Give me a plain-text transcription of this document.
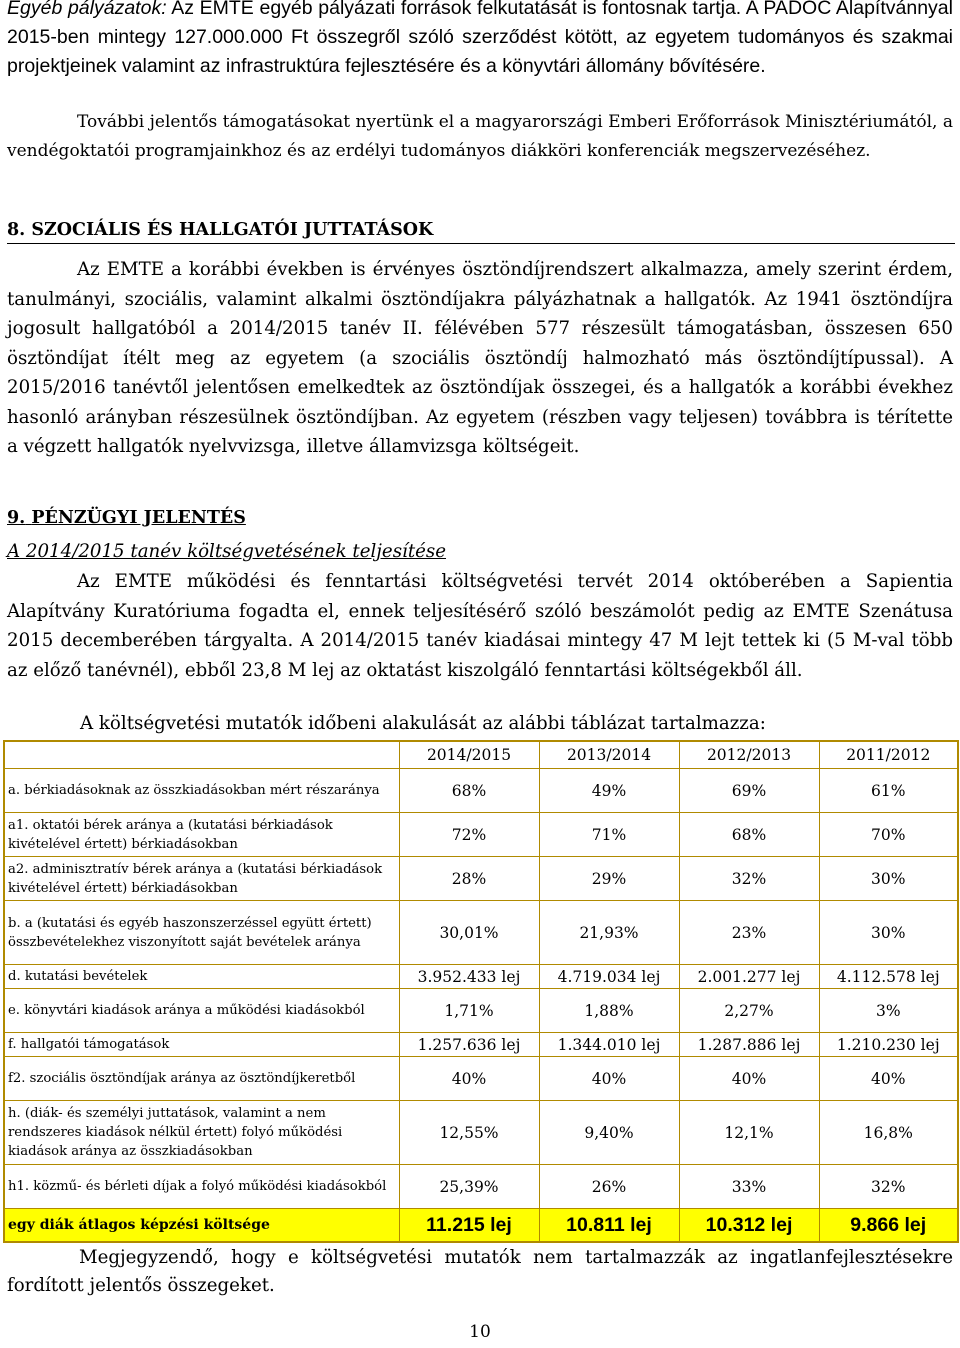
Egyéb pályázatok: Az EMTE egyéb pályázati források felkutatását is fontosnak tartja. A PADOC Alapítvánnyal 2015-ben mintegy 127.000.000 Ft összegről szóló szerződést kötött, az egyetem tudományos és szakmai projektjeinek valamint az infrastruktúra fejlesztésére és a könyvtári állomány bővítésére.

További jelentős támogatásokat nyertünk el a magyarországi Emberi Erőforrások Minisztériumától, a vendégoktatói programjainkhoz és az erdélyi tudományos diákköri konferenciák megszervezéséhez.

8. SZOCIÁLIS ÉS HALLGATÓI JUTTATÁSOK

Az EMTE a korábbi években is érvényes ösztöndíjrendszert alkalmazza, amely szerint érdem, tanulmányi, szociális, valamint alkalmi ösztöndíjakra pályázhatnak a hallgatók. Az 1941 ösztöndíjra jogosult hallgatóból a 2014/2015 tanév II. félévében 577 részesült támogatásban, összesen 650 ösztöndíjat ítélt meg az egyetem (a szociális ösztöndíj halmozható más ösztöndíjtípussal). A 2015/2016 tanévtől jelentősen emelkedtek az ösztöndíjak összegei, és a hallgatók a korábbi évekhez hasonló arányban részesülnek ösztöndíjban. Az egyetem (részben vagy teljesen) továbbra is térítette a végzett hallgatók nyelvvizsga, illetve államvizsga költségeit.

9. PÉNZÜGYI JELENTÉS
A 2014/2015 tanév költségvetésének teljesítése

Az EMTE működési és fenntartási költségvetési tervét 2014 októberében a Sapientia Alapítvány Kuratóriuma fogadta el, ennek teljesítésérő szóló beszámolót pedig az EMTE Szenátusa 2015 decemberében tárgyalta. A 2014/2015 tanév kiadásai mintegy 47 M lejt tettek ki (5 M-val több az előző tanévnél), ebből 23,8 M lej az oktatást kiszolgáló fenntartási költségekből áll.

A költségvetési mutatók időbeni alakulását az alábbi táblázat tartalmazza:
	2014/2015	2013/2014	2012/2013	2011/2012
a. bérkiadásoknak az összkiadásokban mért részaránya	68%	49%	69%	61%
a1. oktatói bérek aránya a (kutatási bérkiadások kivételével értett) bérkiadásokban	72%	71%	68%	70%
a2. adminisztratív bérek aránya a (kutatási bérkiadások kivételével értett) bérkiadásokban	28%	29%	32%	30%
b. a (kutatási és egyéb haszonszerzéssel együtt értett) összbevételekhez viszonyított saját bevételek aránya	30,01%	21,93%	23%	30%
d. kutatási bevételek	3.952.433 lej	4.719.034 lej	2.001.277 lej	4.112.578 lej
e. könyvtári kiadások aránya a működési kiadásokból	1,71%	1,88%	2,27%	3%
f. hallgatói támogatások	1.257.636 lej	1.344.010 lej	1.287.886 lej	1.210.230 lej
f2. szociális ösztöndíjak aránya az ösztöndíjkeretből	40%	40%	40%	40%
h. (diák- és személyi juttatások, valamint a nem rendszeres kiadások nélkül értett) folyó működési kiadások aránya az összkiadásokban	12,55%	9,40%	12,1%	16,8%
h1. közmű- és bérleti díjak a folyó működési kiadásokból	25,39%	26%	33%	32%
egy diák átlagos képzési költsége	11.215 lej	10.811 lej	10.312 lej	9.866 lej

Megjegyzendő, hogy e költségvetési mutatók nem tartalmazzák az ingatlanfejlesztésekre fordított jelentős összegeket.

10
